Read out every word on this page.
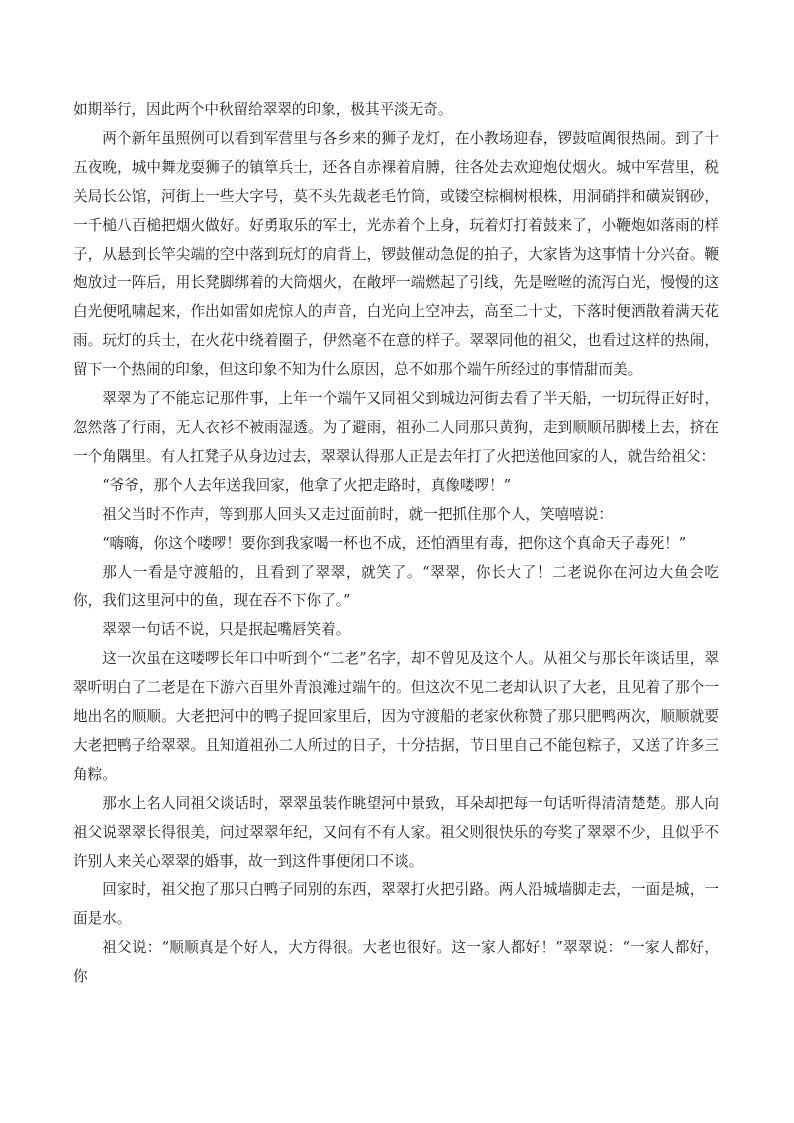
如期举行，因此两个中秋留给翠翠的印象，极其平淡无奇。

两个新年虽照例可以看到军营里与各乡来的狮子龙灯，在小教场迎春，锣鼓喧阗很热闹。到了十五夜晚，城中舞龙耍狮子的镇筸兵士，还各自赤裸着肩膊，往各处去欢迎炮仗烟火。城中军营里，税关局长公馆，河街上一些大字号，莫不头先裁老毛竹筒，或镂空棕榈树根株，用洞硝拌和磺炭钢砂，一千槌八百槌把烟火做好。好勇取乐的军士，光赤着个上身，玩着灯打着鼓来了，小鞭炮如落雨的样子，从悬到长竿尖端的空中落到玩灯的肩背上，锣鼓催动急促的拍子，大家皆为这事情十分兴奋。鞭炮放过一阵后，用长凳脚绑着的大筒烟火，在敞坪一端燃起了引线，先是咝咝的流泻白光，慢慢的这白光便吼啸起来，作出如雷如虎惊人的声音，白光向上空冲去，高至二十丈，下落时便洒散着满天花雨。玩灯的兵士，在火花中绕着圈子，伊然毫不在意的样子。翠翠同他的祖父，也看过这样的热闹，留下一个热闹的印象，但这印象不知为什么原因，总不如那个端午所经过的事情甜而美。

翠翠为了不能忘记那件事，上年一个端午又同祖父到城边河街去看了半天船，一切玩得正好时，忽然落了行雨，无人衣衫不被雨湿透。为了避雨，祖孙二人同那只黄狗，走到顺顺吊脚楼上去，挤在一个角隅里。有人扛凳子从身边过去，翠翠认得那人正是去年打了火把送他回家的人，就告给祖父：

“爷爷，那个人去年送我回家，他拿了火把走路时，真像喽啰！”

祖父当时不作声，等到那人回头又走过面前时，就一把抓住那个人，笑嘻嘻说：

“嗨嗨，你这个喽啰！要你到我家喝一杯也不成，还怕酒里有毒，把你这个真命天子毒死！”

那人一看是守渡船的，且看到了翠翠，就笑了。“翠翠，你长大了！二老说你在河边大鱼会吃你，我们这里河中的鱼，现在吞不下你了。”

翠翠一句话不说，只是抿起嘴唇笑着。

这一次虽在这喽啰长年口中听到个“二老”名字，却不曾见及这个人。从祖父与那长年谈话里，翠翠听明白了二老是在下游六百里外青浪滩过端午的。但这次不见二老却认识了大老，且见着了那个一地出名的顺顺。大老把河中的鸭子捉回家里后，因为守渡船的老家伙称赞了那只肥鸭两次，顺顺就要大老把鸭子给翠翠。且知道祖孙二人所过的日子，十分拮据，节日里自己不能包粽子，又送了许多三角粽。

那水上名人同祖父谈话时，翠翠虽装作眺望河中景致，耳朵却把每一句话听得清清楚楚。那人向祖父说翠翠长得很美，问过翠翠年纪，又问有不有人家。祖父则很快乐的夸奖了翠翠不少，且似乎不许别人来关心翠翠的婚事，故一到这件事便闭口不谈。

回家时，祖父抱了那只白鸭子同别的东西，翠翠打火把引路。两人沿城墙脚走去，一面是城，一面是水。

祖父说：“顺顺真是个好人，大方得很。大老也很好。这一家人都好！”翠翠说：“一家人都好，你
